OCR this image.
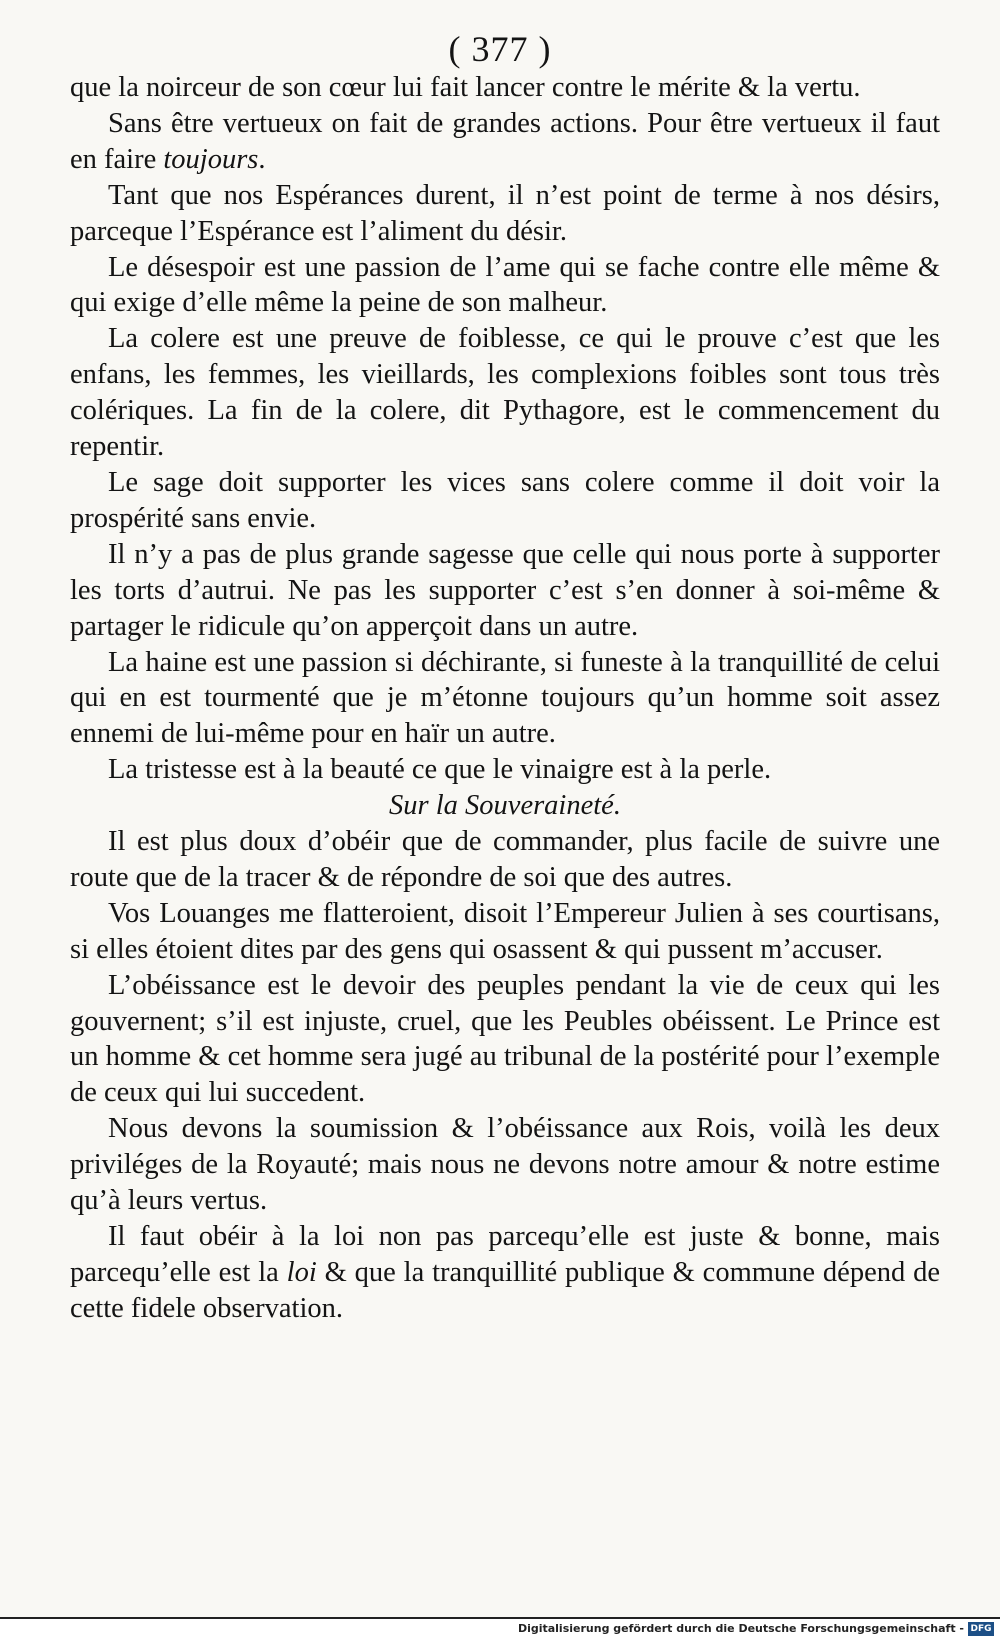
( 377 )

que la noirceur de son cœur lui fait lancer contre le mérite & la vertu.

Sans être vertueux on fait de grandes actions. Pour être vertueux il faut en faire toujours.

Tant que nos Espérances durent, il n’est point de terme à nos désirs, parceque l’Espérance est l’aliment du désir.

Le désespoir est une passion de l’ame qui se fache contre elle même & qui exige d’elle même la peine de son malheur.

La colere est une preuve de foiblesse, ce qui le prouve c’est que les enfans, les femmes, les vieillards, les complexions foibles sont tous très colériques. La fin de la colere, dit Pythagore, est le commencement du repentir.

Le sage doit supporter les vices sans colere comme il doit voir la prospérité sans envie.

Il n’y a pas de plus grande sagesse que celle qui nous porte à supporter les torts d’autrui. Ne pas les supporter c’est s’en donner à soi-même & partager le ridicule qu’on apperçoit dans un autre.

La haine est une passion si déchirante, si funeste à la tranquillité de celui qui en est tourmenté que je m’étonne toujours qu’un homme soit assez ennemi de lui-même pour en haïr un autre.

La tristesse est à la beauté ce que le vinaigre est à la perle.

Sur la Souveraineté.

Il est plus doux d’obéir que de commander, plus facile de suivre une route que de la tracer & de répondre de soi que des autres.

Vos Louanges me flatteroient, disoit l’Empereur Julien à ses courtisans, si elles étoient dites par des gens qui osassent & qui pussent m’accuser.

L’obéissance est le devoir des peuples pendant la vie de ceux qui les gouvernent; s’il est injuste, cruel, que les Peubles obéissent. Le Prince est un homme & cet homme sera jugé au tribunal de la postérité pour l’exemple de ceux qui lui succedent.

Nous devons la soumission & l’obéissance aux Rois, voilà les deux priviléges de la Royauté; mais nous ne devons notre amour & notre estime qu’à leurs vertus.

Il faut obéir à la loi non pas parcequ’elle est juste & bonne, mais parcequ’elle est la loi & que la tranquillité publique & commune dépend de cette fidele observation.

Digitalisierung gefördert durch die Deutsche Forschungsgemeinschaft - DFG
